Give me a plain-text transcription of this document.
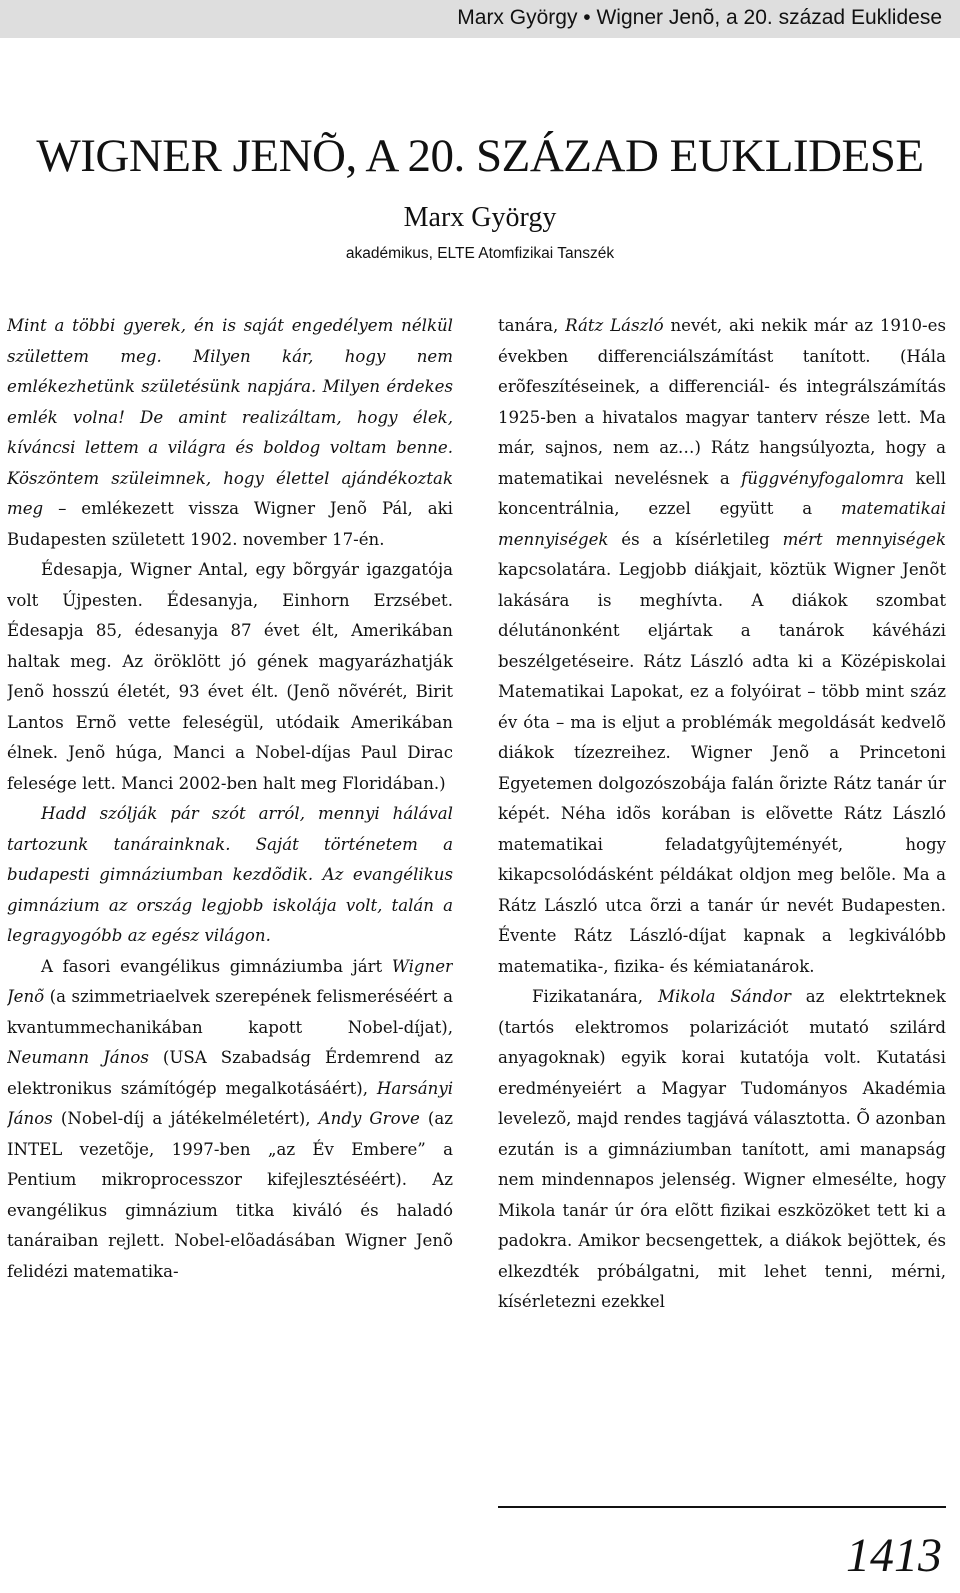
Marx György • Wigner Jenõ, a 20. század Euklidese
WIGNER JENÕ, A 20. SZÁZAD EUKLIDESE
Marx György
akadémikus, ELTE Atomfizikai Tanszék

Mint a többi gyerek, én is saját engedélyem nélkül születtem meg. Milyen kár, hogy nem emlékezhetünk születésünk napjára. Milyen érdekes emlék volna! De amint realizáltam, hogy élek, kíváncsi lettem a világra és boldog voltam benne. Köszöntem szüleimnek, hogy élettel ajándékoztak meg – emlékezett vissza Wigner Jenõ Pál, aki Budapesten született 1902. november 17-én.

Édesapja, Wigner Antal, egy bõrgyár igazgatója volt Újpesten. Édesanyja, Einhorn Erzsébet. Édesapja 85, édesanyja 87 évet élt, Amerikában haltak meg. Az öröklött jó gének magyarázhatják Jenõ hosszú életét, 93 évet élt. (Jenõ nõvérét, Birit Lantos Ernõ vette feleségül, utódaik Amerikában élnek. Jenõ húga, Manci a Nobel-díjas Paul Dirac felesége lett. Manci 2002-ben halt meg Floridában.)

Hadd szólják pár szót arról, mennyi hálával tartozunk tanárainknak. Saját történetem a budapesti gimnáziumban kezdõdik. Az evangélikus gimnázium az ország legjobb iskolája volt, talán a legragyogóbb az egész világon.

A fasori evangélikus gimnáziumba járt Wigner Jenõ (a szimmetriaelvek szerepének felismeréséért a kvantummechanikában kapott Nobel-díjat), Neumann János (USA Szabadság Érdemrend az elektronikus számítógép megalkotásáért), Harsányi János (Nobel-díj a játékelméletért), Andy Grove (az INTEL vezetõje, 1997-ben „az Év Embere” a Pentium mikroprocesszor kifejlesztéséért). Az evangélikus gimnázium titka kiváló és haladó tanáraiban rejlett. Nobel-elõadásában Wigner Jenõ felidézi matematika-

tanára, Rátz László nevét, aki nekik már az 1910-es években differenciálszámítást tanított. (Hála erõfeszítéseinek, a differenciál- és integrálszámítás 1925-ben a hivatalos magyar tanterv része lett. Ma már, sajnos, nem az…) Rátz hangsúlyozta, hogy a matematikai nevelésnek a függvényfogalomra kell koncentrálnia, ezzel együtt a matematikai mennyiségek és a kísérletileg mért mennyiségek kapcsolatára. Legjobb diákjait, köztük Wigner Jenõt lakására is meghívta. A diákok szombat délutánonként eljártak a tanárok kávéházi beszélgetéseire. Rátz László adta ki a Középiskolai Matematikai Lapokat, ez a folyóirat – több mint száz év óta – ma is eljut a problémák megoldását kedvelõ diákok tízezreihez. Wigner Jenõ a Princetoni Egyetemen dolgozószobája falán õrizte Rátz tanár úr képét. Néha idõs korában is elõvette Rátz László matematikai feladatgyûjteményét, hogy kikapcsolódásként példákat oldjon meg belõle. Ma a Rátz László utca õrzi a tanár úr nevét Budapesten. Évente Rátz László-díjat kapnak a legkiválóbb matematika-, fizika- és kémiatanárok.

Fizikatanára, Mikola Sándor az elektrteknek (tartós elektromos polarizációt mutató szilárd anyagoknak) egyik korai kutatója volt. Kutatási eredményeiért a Magyar Tudományos Akadémia levelezõ, majd rendes tagjává választotta. Õ azonban ezután is a gimnáziumban tanított, ami manapság nem mindennapos jelenség. Wigner elmesélte, hogy Mikola tanár úr óra elõtt fizikai eszközöket tett ki a padokra. Amikor becsengettek, a diákok bejöttek, és elkezdték próbálgatni, mit lehet tenni, mérni, kísérletezni ezekkel

1413
